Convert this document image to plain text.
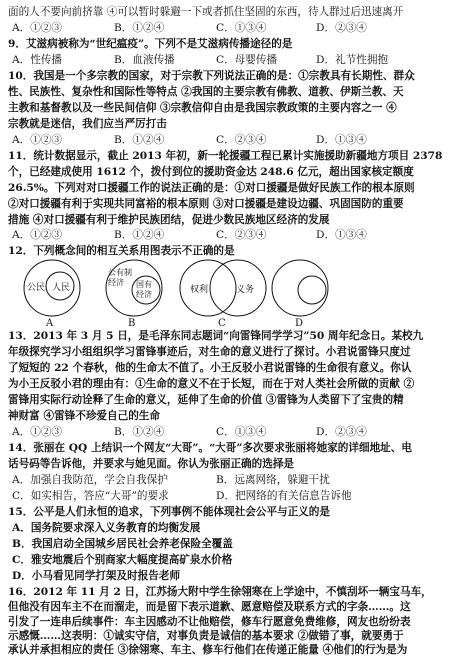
面的人不要向前挤靠 ④可以暂时躲避一下或者抓住坚固的东西，待人群过后迅速离开
A．①②③	B．①②④	C．①③④	D．②③④
9．艾滋病被称为“世纪瘟疫”。下列不是艾滋病传播途径的是
A．性传播	B．血液传播	C．母婴传播	D．礼节性拥抱
10．我国是一个多宗教的国家，对于宗教下列说法正确的是：①宗教具有长期性、群众
性、民族性、复杂性和国际性等特点 ②我国的主要宗教有佛教、道教、伊斯兰教、天
主教和基督教以及一些民间信仰 ③宗教信仰自由是我国宗教政策的主要内容之一 ④
宗教就是迷信，我们应当严厉打击
A．①②③	B．①②④	C．②③④	D．①③④
11．统计数据显示，截止 2013 年初，新一轮援疆工程已累计实施援助新疆地方项目 2378
个，已经建成使用 1612 个，拨付到位的援助资金达 248.6 亿元，超出国家核定额度
26.5%。下列对对口援疆工作的说法正确的是：①对口援疆是做好民族工作的根本原则
②对口援疆有利于实现共同富裕的根本原则 ③对口援疆是建设边疆、巩固国防的重要
措施 ④对口援疆有利于维护民族团结，促进少数民族地区经济的发展
A．①②③	B．①②④	C．②③④	D．①③④
公民 人民
公有制经济	国有经济	权利	义务
A	B	C	D
12．下列概念间的相互关系用图表示不正确的是
13．2013 年 3 月 5 日，是毛泽东同志题词“向雷锋同学学习”50 周年纪念日。某校九
年级探究学习小组组织学习雷锋事迹后，对生命的意义进行了探讨。小君说雷锋只度过
了短短的 22 个春秋，他的生命太不值了。小王反驳小君说雷锋的生命很有意义。你认
为小王反驳小君的理由有：①生命的意义不在于长短，而在于对人类社会所做的贡献 ②
雷锋用实际行动诠释了生命的意义，延伸了生命的价值 ③雷锋为人类留下了宝贵的精
神财富 ④雷锋不珍爱自己的生命
A．①②③	B．①②④	C．①③④	D．②③④
14．张丽在 QQ 上结识一个网友“大哥”。“大哥”多次要求张丽将她家的详细地址、电
话号码等告诉他，并要求与她见面。你认为张丽正确的选择是
A．加强自我防范，学会自我保护	B．远离网络，躲避干扰
C．如实相告，答应“大哥”的要求	D．把网络的有关信息告诉他
15．公平是人们永恒的追求，下列事例不能体现社会公平与正义的是
A．国务院要求深入义务教育的均衡发展
B．我国启动全国城乡居民社会养老保险全覆盖
C．雅安地震后个别商家大幅度提高矿泉水价格
D．小马看见同学打架及时报告老师
16．2012 年 11 月 2 日，江苏扬大附中学生徐翎寒在上学途中，不慎刮坏一辆宝马车，
但他没有因车主不在而溜走，而是留下表示道歉、愿意赔偿及联系方式的字条……。这
引发了一连串后续事件：车主因感动不让他赔偿，修车行愿意免费维修，网友也纷纷表
示感慨……这表明：①诚实守信，对事负责是诚信的基本要求 ②做错了事，就要勇于
承认并承担相应的责任 ③徐翎寒、车主、修车行他们在传递正能量 ④他们的行为是为
